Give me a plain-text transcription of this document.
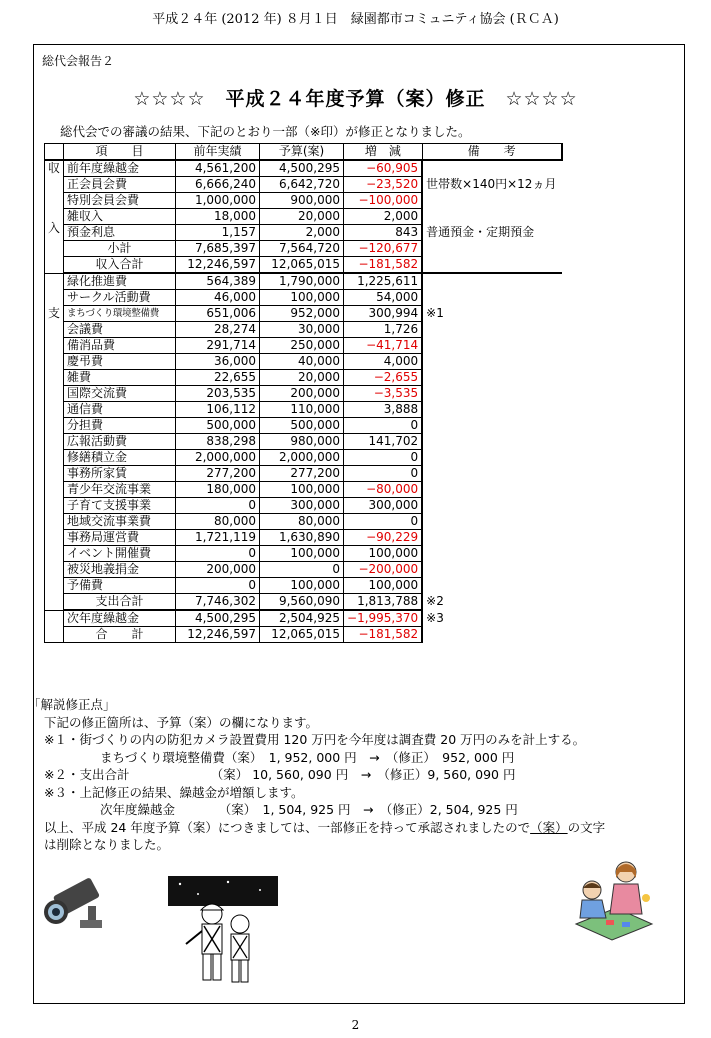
平成２４年 (2012 年) ８月１日　緑園都市コミュニティ協会 (ＲＣＡ)
総代会報告２
☆☆☆☆　平成２４年度予算（案）修正　☆☆☆☆
総代会での審議の結果、下記のとおり一部（※印）が修正となりました。
	項　　目	前年実績	予算(案)	増　減	備　　考

収
入	前年度繰越金	4,561,200	4,500,295	−60,905	
	正会員会費	6,666,240	6,642,720	−23,520	世帯数×140円×12ヵ月
	特別会員会費	1,000,000	900,000	−100,000	
	雑収入	18,000	20,000	2,000	
	預金利息	1,157	2,000	843	普通預金・定期預金
	小計	7,685,397	7,564,720	−120,677	
	収入合計	12,246,597	12,065,015	−181,582	

支	緑化推進費	564,389	1,790,000	1,225,611	
	サークル活動費	46,000	100,000	54,000	
	まちづくり環境整備費	651,006	952,000	300,994	※1
	会議費	28,274	30,000	1,726	
	備消品費	291,714	250,000	−41,714	
	慶弔費	36,000	40,000	4,000	
	雑費	22,655	20,000	−2,655	
	国際交流費	203,535	200,000	−3,535	
	通信費	106,112	110,000	3,888	
	分担費	500,000	500,000	0	
	広報活動費	838,298	980,000	141,702	
	修繕積立金	2,000,000	2,000,000	0	
	事務所家賃	277,200	277,200	0	
	青少年交流事業	180,000	100,000	−80,000	
	子育て支援事業	0	300,000	300,000	
	地域交流事業費	80,000	80,000	0	
	事務局運営費	1,721,119	1,630,890	−90,229	
	イベント開催費	0	100,000	100,000	
	被災地義捐金	200,000	0	−200,000	
	予備費	0	100,000	100,000	
	支出合計	7,746,302	9,560,090	1,813,788	※2
	次年度繰越金	4,500,295	2,504,925	−1,995,370	※3
	合　　計	12,246,597	12,065,015	−181,582	
「解説修正点」
下記の修正箇所は、予算（案）の欄になります。
※１・街づくりの内の防犯カメラ設置費用 120 万円を今年度は調査費 20 万円のみを計上する。
まちづくり環境整備費（案）　1, 952, 000 円　→　（修正）　952, 000 円
※２・支出合計　　　　　　　（案） 10, 560, 090 円　→　（修正）9, 560, 090 円
※３・上記修正の結果、繰越金が増額します。
次年度繰越金　　　　（案）　1, 504, 925 円　→　（修正）2, 504, 925 円
以上、平成 24 年度予算（案）につきましては、一部修正を持って承認されましたので（案）の文字
は削除となりました。
2
